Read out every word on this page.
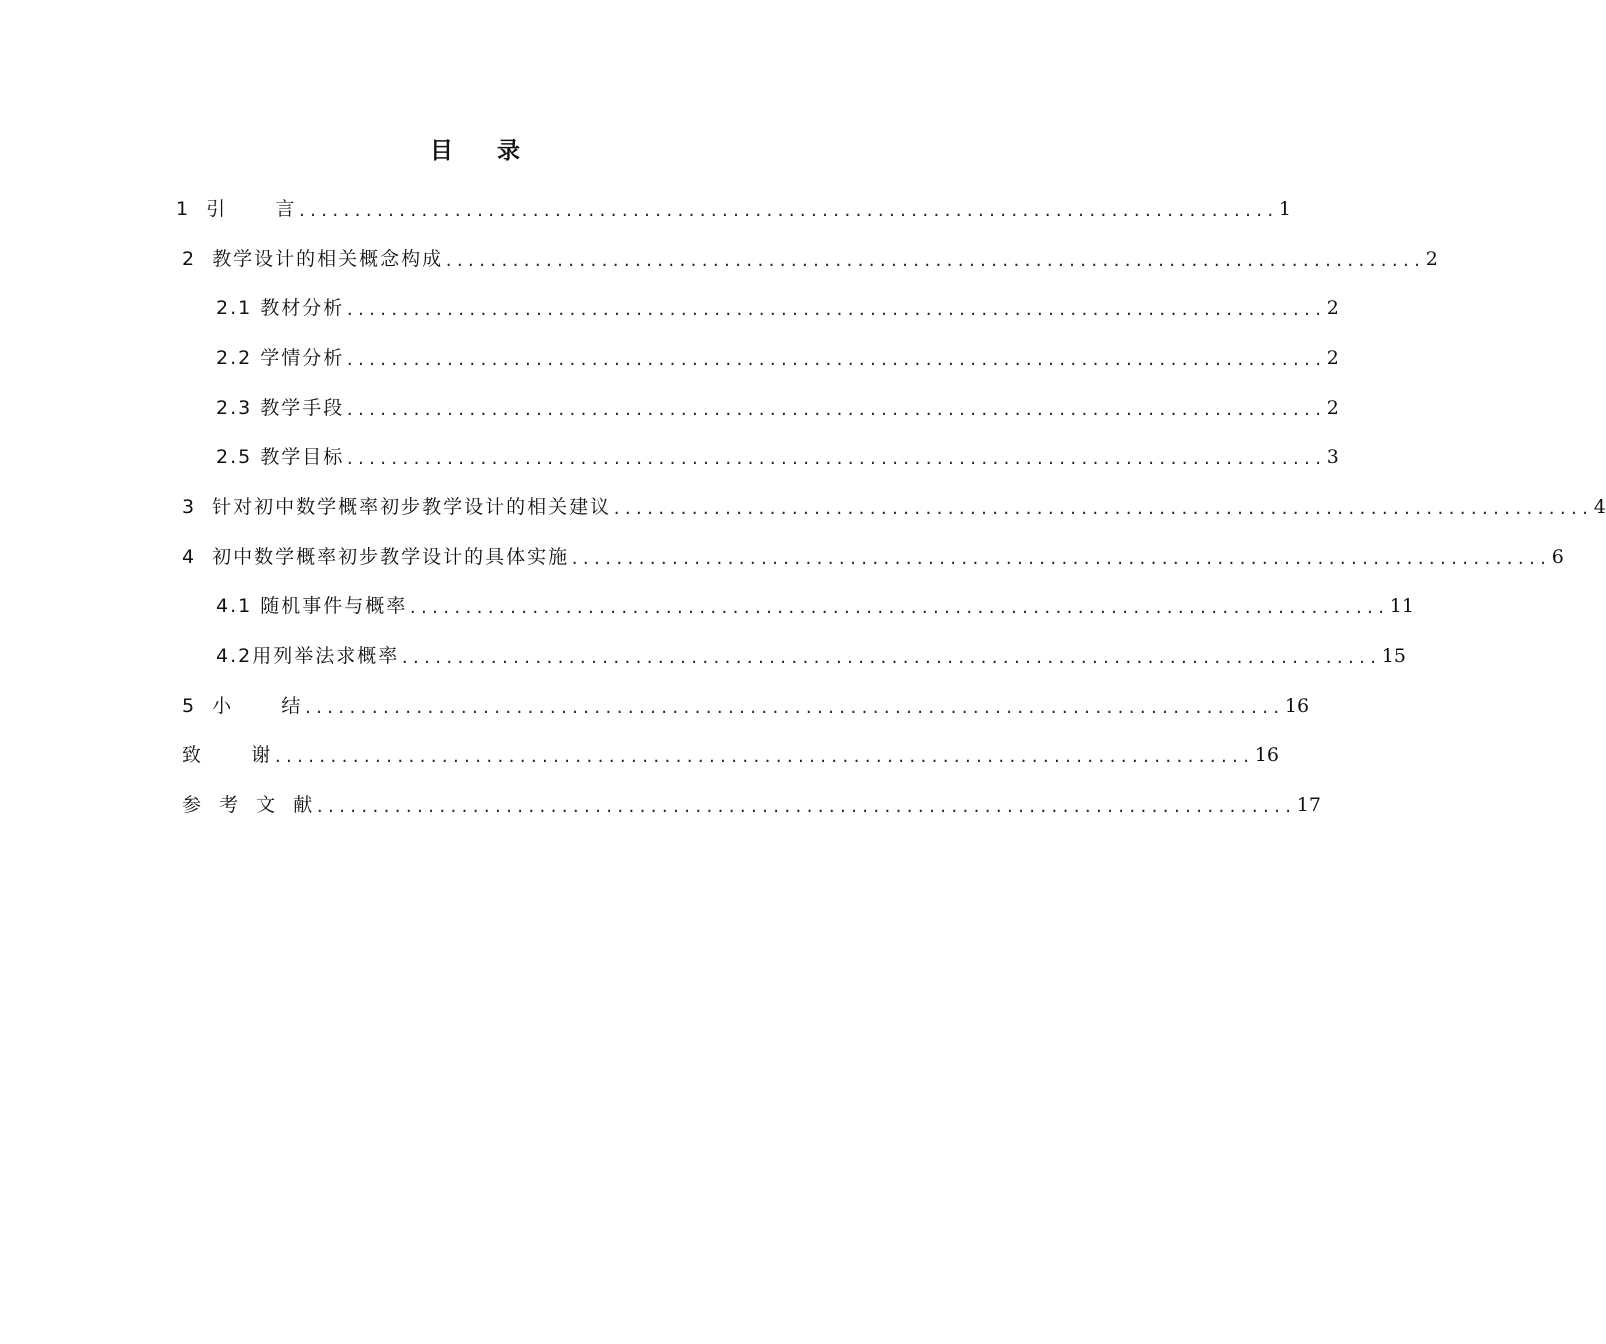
目 录
1  引      言 ........................................................................................ 1
2  教学设计的相关概念构成 ........................................................................................ 2
2.1 教材分析 ........................................................................................ 2
2.2 学情分析 ........................................................................................ 2
2.3 教学手段 ........................................................................................ 2
2.5 教学目标 ........................................................................................ 3
3  针对初中数学概率初步教学设计的相关建议 ........................................................................................ 4
4  初中数学概率初步教学设计的具体实施 ........................................................................................ 6
4.1 随机事件与概率 ........................................................................................ 11
4.2用列举法求概率 ........................................................................................ 15
5  小      结 ........................................................................................ 16
致      谢 ........................................................................................ 16
参  考  文  献 ........................................................................................ 17
